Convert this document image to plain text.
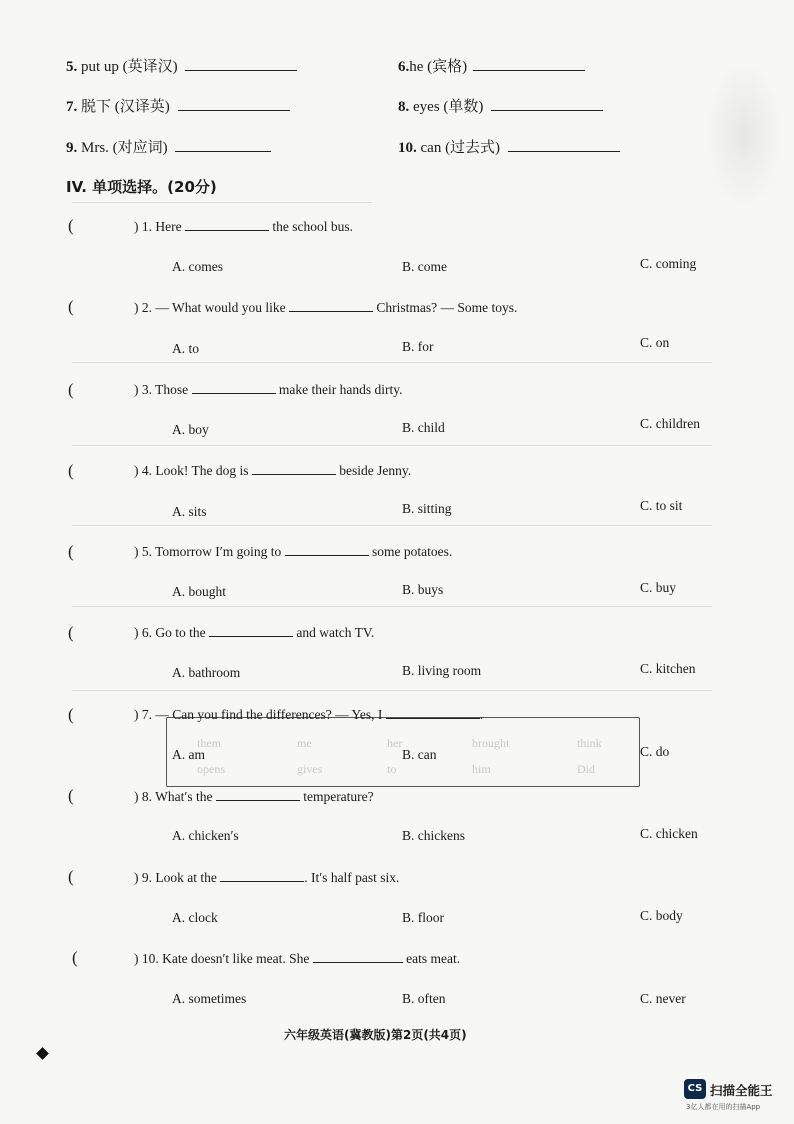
5. put up (英译汉)	6.he (宾格)
7. 脱下 (汉译英)	8. eyes (单数)
9. Mrs. (对应词)	10. can (过去式)
IV. 单项选择。(20分)
(	) 1. Here	the school bus.
A. comes	B. come	C. coming
(	) 2. — What would you like	Christmas? — Some toys.
A. to	B. for	C. on
(	) 3. Those	make their hands dirty.
A. boy	B. child	C. children
(	) 4. Look! The dog is	beside Jenny.
A. sits	B. sitting	C. to sit
(	) 5. Tomorrow I′m going to	some potatoes.
A. bought	B. buys	C. buy
(	) 6. Go to the	and watch TV.
A. bathroom	B. living room	C. kitchen
them	me	her	brought	think
opens	gives	to	him	Did
(	) 7. — Can you find the differences? — Yes, I	.
A. am	B. can	C. do
(	) 8. What′s the	temperature?
A. chicken′s	B. chickens	C. chicken
(	) 9. Look at the	. It′s half past six.
A. clock	B. floor	C. body
(	) 10. Kate doesn′t like meat. She	eats meat.
A. sometimes	B. often	C. never
六年级英语(冀教版)第2页(共4页)
CS 扫描全能王
3亿人都在用的扫描App
